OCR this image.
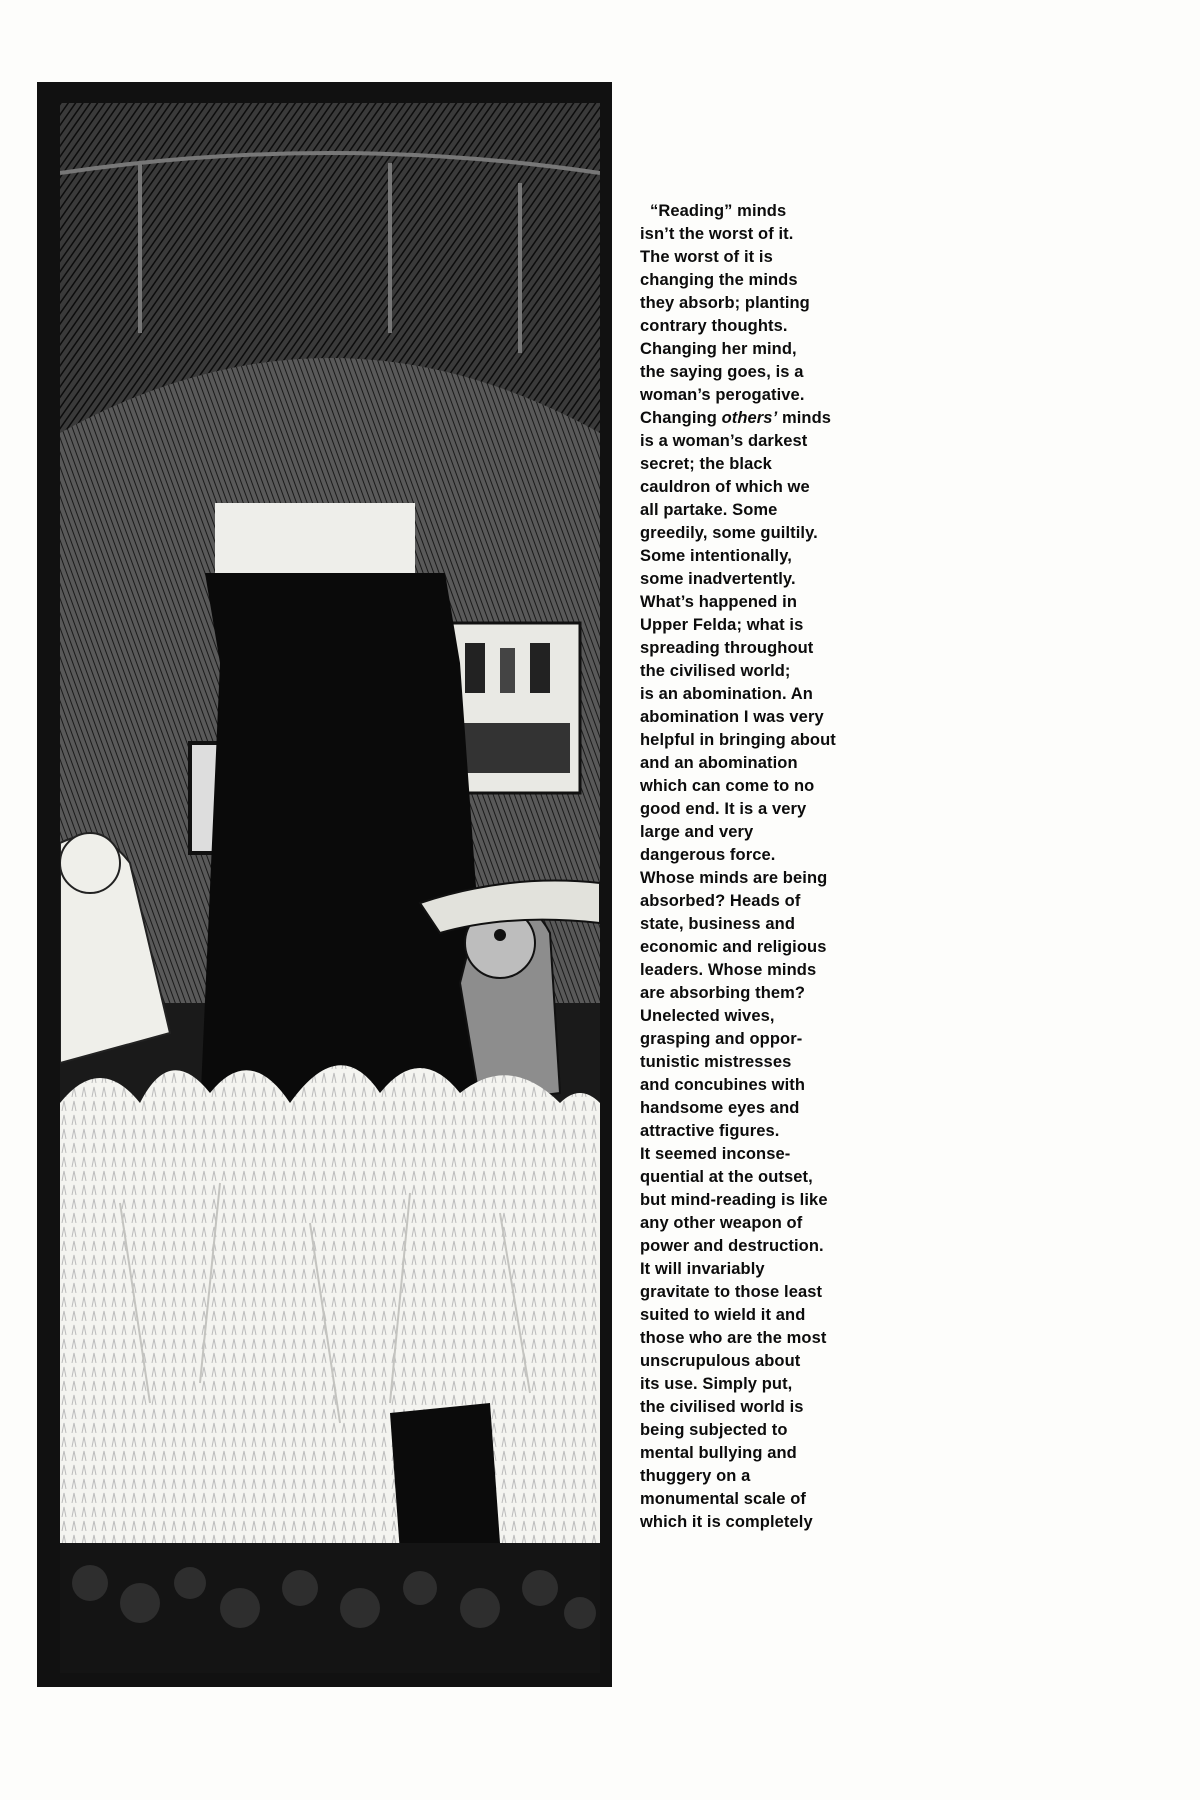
“Reading” minds
isn’t the worst of it.
The worst of it is
changing the minds
they absorb; planting
contrary thoughts.
Changing her mind,
the saying goes, is a
woman’s perogative.
Changing others’ minds
is a woman’s darkest
secret; the black
cauldron of which we
all partake. Some
greedily, some guiltily.
Some intentionally,
some inadvertently.
What’s happened in
Upper Felda; what is
spreading throughout
the civilised world;
is an abomination. An
abomination I was very
helpful in bringing about
and an abomination
which can come to no
good end. It is a very
large and very
dangerous force.
Whose minds are being
absorbed? Heads of
state, business and
economic and religious
leaders. Whose minds
are absorbing them?
Unelected wives,
grasping and oppor-
tunistic mistresses
and concubines with
handsome eyes and
attractive figures.
It seemed inconse-
quential at the outset,
but mind-reading is like
any other weapon of
power and destruction.
It will invariably
gravitate to those least
suited to wield it and
those who are the most
unscrupulous about
its use. Simply put,
the civilised world is
being subjected to
mental bullying and
thuggery on a
monumental scale of
which it is completely
